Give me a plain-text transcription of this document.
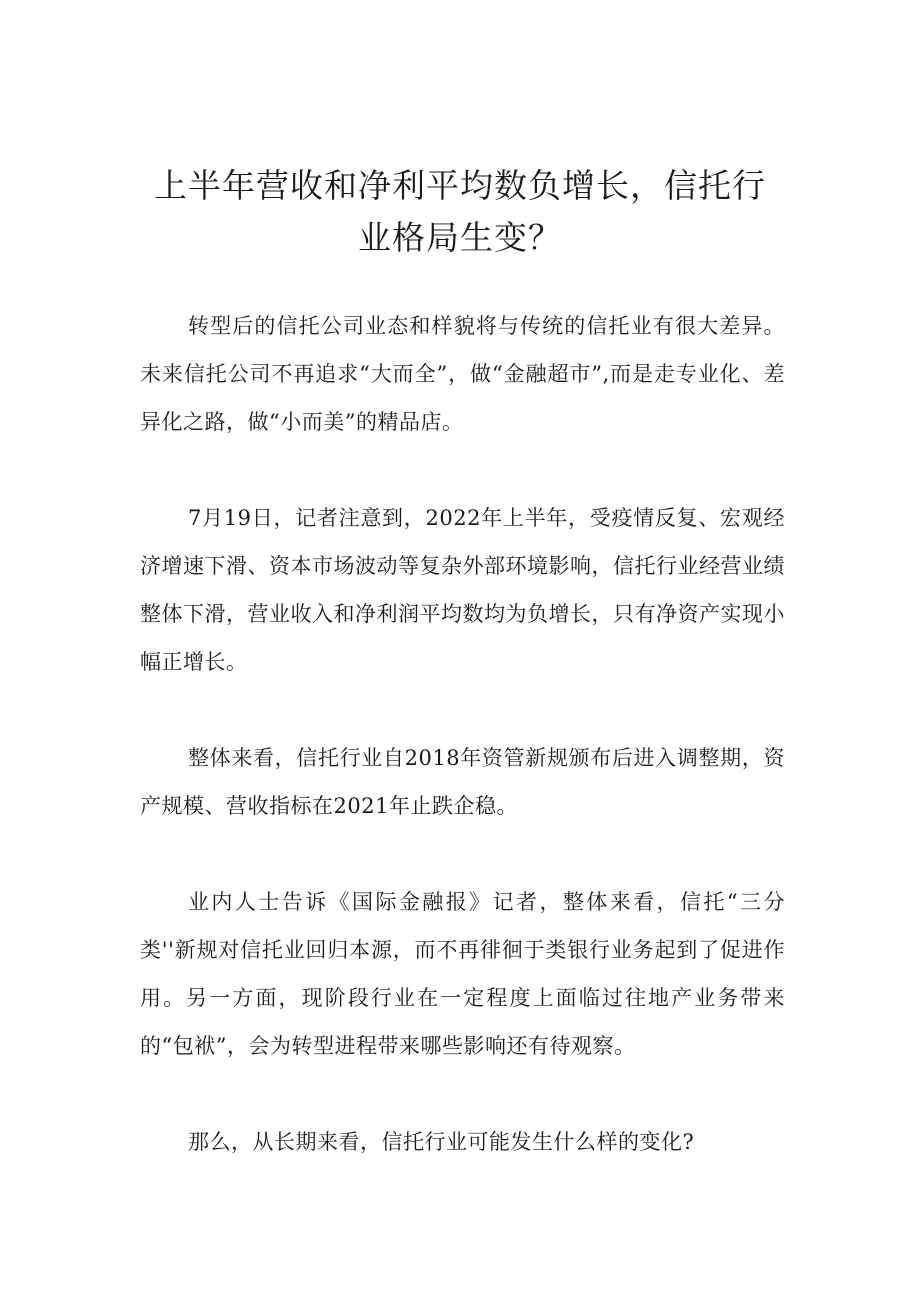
上半年营收和净利平均数负增长，信托行业格局生变？

转型后的信托公司业态和样貌将与传统的信托业有很大差异。未来信托公司不再追求“大而全”，做“金融超市”,而是走专业化、差异化之路，做“小而美”的精品店。

7月19日，记者注意到，2022年上半年，受疫情反复、宏观经济增速下滑、资本市场波动等复杂外部环境影响，信托行业经营业绩整体下滑，营业收入和净利润平均数均为负增长，只有净资产实现小幅正增长。

整体来看，信托行业自2018年资管新规颁布后进入调整期，资产规模、营收指标在2021年止跌企稳。

业内人士告诉《国际金融报》记者，整体来看，信托“三分类''新规对信托业回归本源，而不再徘徊于类银行业务起到了促进作用。另一方面，现阶段行业在一定程度上面临过往地产业务带来的“包袱”，会为转型进程带来哪些影响还有待观察。

那么，从长期来看，信托行业可能发生什么样的变化?
